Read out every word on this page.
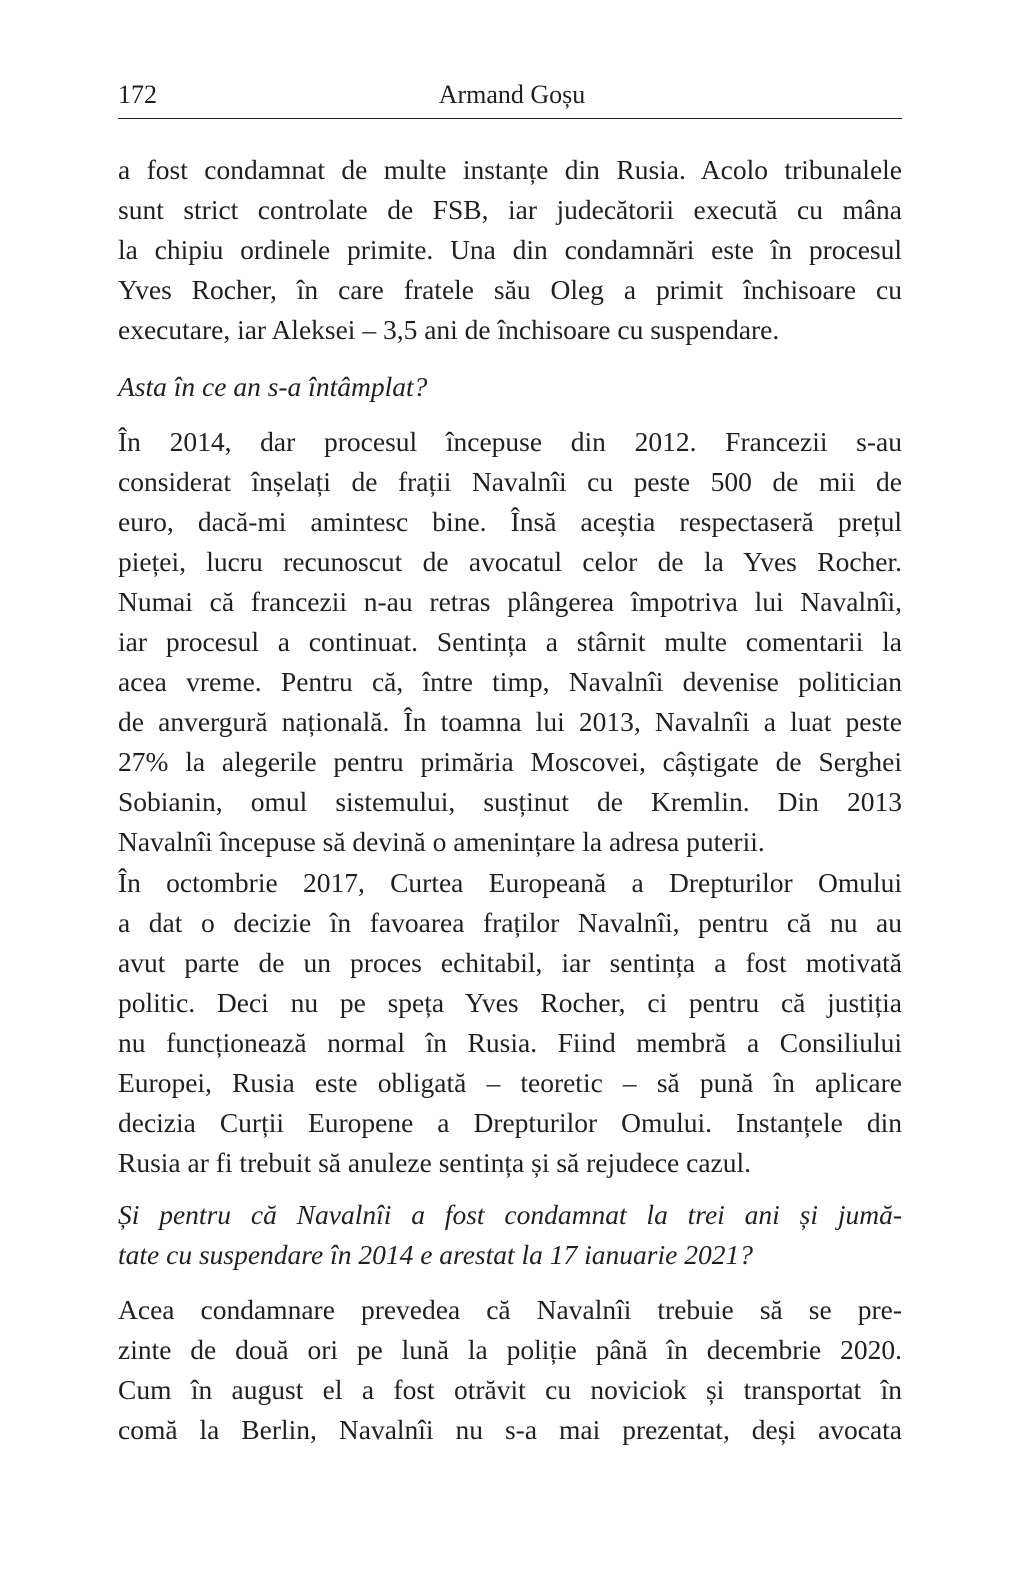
172	Armand Goșu
a fost condamnat de multe instanțe din Rusia. Acolo tribunalele
sunt strict controlate de FSB, iar judecătorii execută cu mâna
la chipiu ordinele primite. Una din condamnări este în procesul
Yves Rocher, în care fratele său Oleg a primit închisoare cu
executare, iar Aleksei – 3,5 ani de închisoare cu suspendare.
Asta în ce an s-a întâmplat?
În 2014, dar procesul începuse din 2012. Francezii s-au
considerat înșelați de frații Navalnîi cu peste 500 de mii de
euro, dacă-mi amintesc bine. Însă aceștia respectaseră prețul
pieței, lucru recunoscut de avocatul celor de la Yves Rocher.
Numai că francezii n-au retras plângerea împotriva lui Navalnîi,
iar procesul a continuat. Sentința a stârnit multe comentarii la
acea vreme. Pentru că, între timp, Navalnîi devenise politician
de anvergură națională. În toamna lui 2013, Navalnîi a luat peste
27% la alegerile pentru primăria Moscovei, câștigate de Serghei
Sobianin, omul sistemului, susținut de Kremlin. Din 2013
Navalnîi începuse să devină o amenințare la adresa puterii.
În octombrie 2017, Curtea Europeană a Drepturilor Omului
a dat o decizie în favoarea fraților Navalnîi, pentru că nu au
avut parte de un proces echitabil, iar sentința a fost motivată
politic. Deci nu pe speța Yves Rocher, ci pentru că justiția
nu funcționează normal în Rusia. Fiind membră a Consiliului
Europei, Rusia este obligată – teoretic – să pună în aplicare
decizia Curții Europene a Drepturilor Omului. Instanțele din
Rusia ar fi trebuit să anuleze sentința și să rejudece cazul.
Și pentru că Navalnîi a fost condamnat la trei ani și jumă-
tate cu suspendare în 2014 e arestat la 17 ianuarie 2021?
Acea condamnare prevedea că Navalnîi trebuie să se pre-
zinte de două ori pe lună la poliție până în decembrie 2020.
Cum în august el a fost otrăvit cu noviciok și transportat în
comă la Berlin, Navalnîi nu s-a mai prezentat, deși avocata
